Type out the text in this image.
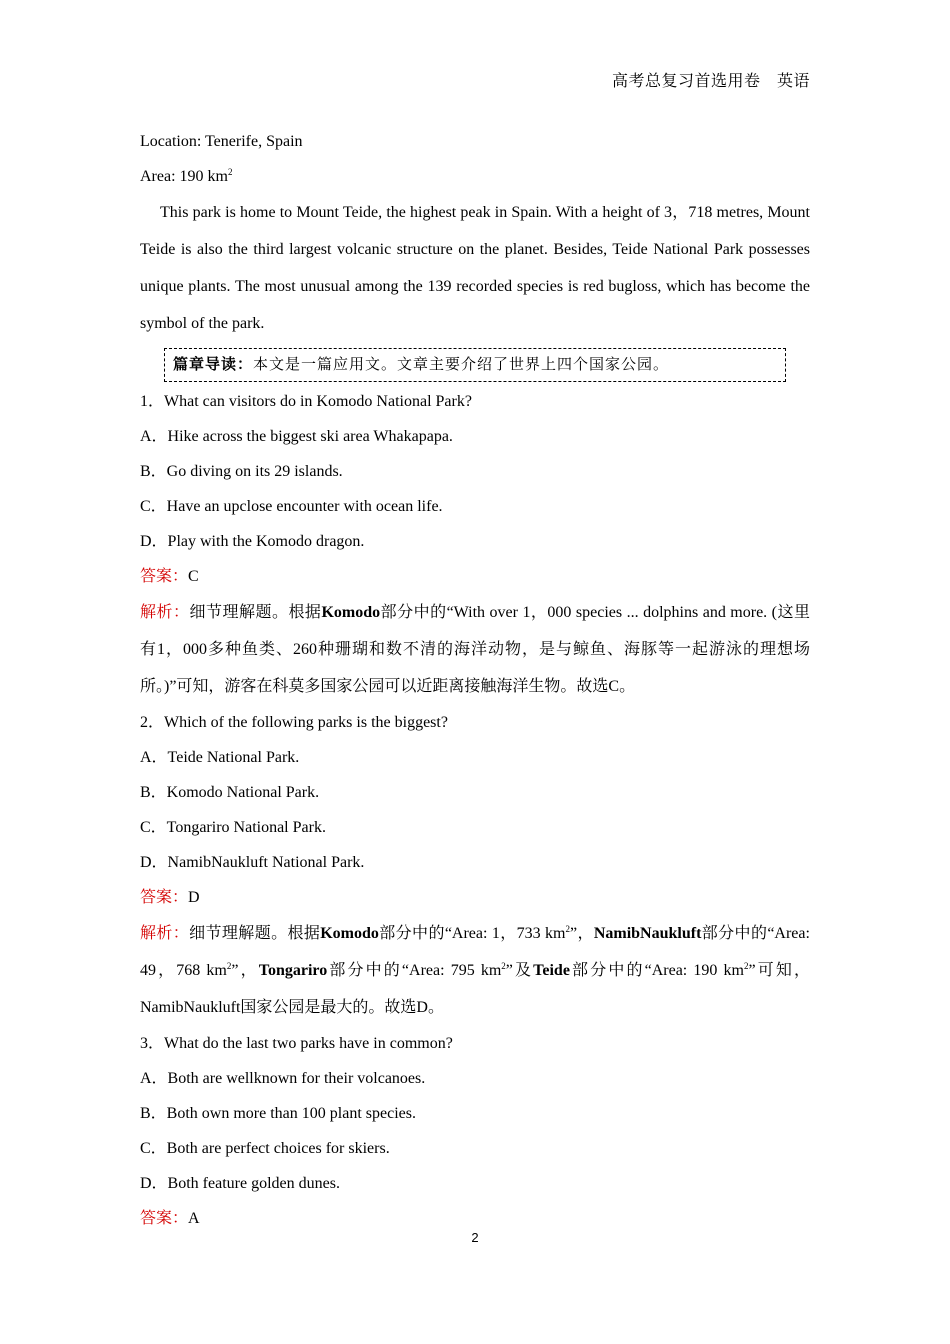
高考总复习首选用卷　英语
Location: Tenerife, Spain
Area: 190 $km^2$
This park is home to Mount Teide, the highest peak in Spain. With a height of 3，718 metres, Mount Teide is also the third largest volcanic structure on the planet. Besides, Teide National Park possesses unique plants. The most unusual among the 139 recorded species is red bugloss, which has become the symbol of the park.
篇章导读：本文是一篇应用文。文章主要介绍了世界上四个国家公园。
1．What can visitors do in Komodo National Park?
A．Hike across the biggest ski area Whakapapa.
B．Go diving on its 29 islands.
C．Have an upclose encounter with ocean life.
D．Play with the Komodo dragon.
答案：C
解析：细节理解题。根据Komodo部分中的“With over 1，000 species ... dolphins and more. (这里有1，000多种鱼类、260种珊瑚和数不清的海洋动物，是与鲸鱼、海豚等一起游泳的理想场所。)”可知，游客在科莫多国家公园可以近距离接触海洋生物。故选C。
2．Which of the following parks is the biggest?
A．Teide National Park.
B．Komodo National Park.
C．Tongariro National Park.
D．NamibNaukluft National Park.
答案：D
解析：细节理解题。根据Komodo部分中的“Area: 1，733 $km^2$”，NamibNaukluft部分中的“Area: 49，768 $km^2$”，Tongariro部分中的“Area: 795 $km^2$”及Teide部分中的“Area: 190 $km^2$”可知，NamibNaukluft国家公园是最大的。故选D。
3．What do the last two parks have in common?
A．Both are wellknown for their volcanoes.
B．Both own more than 100 plant species.
C．Both are perfect choices for skiers.
D．Both feature golden dunes.
答案：A
2
